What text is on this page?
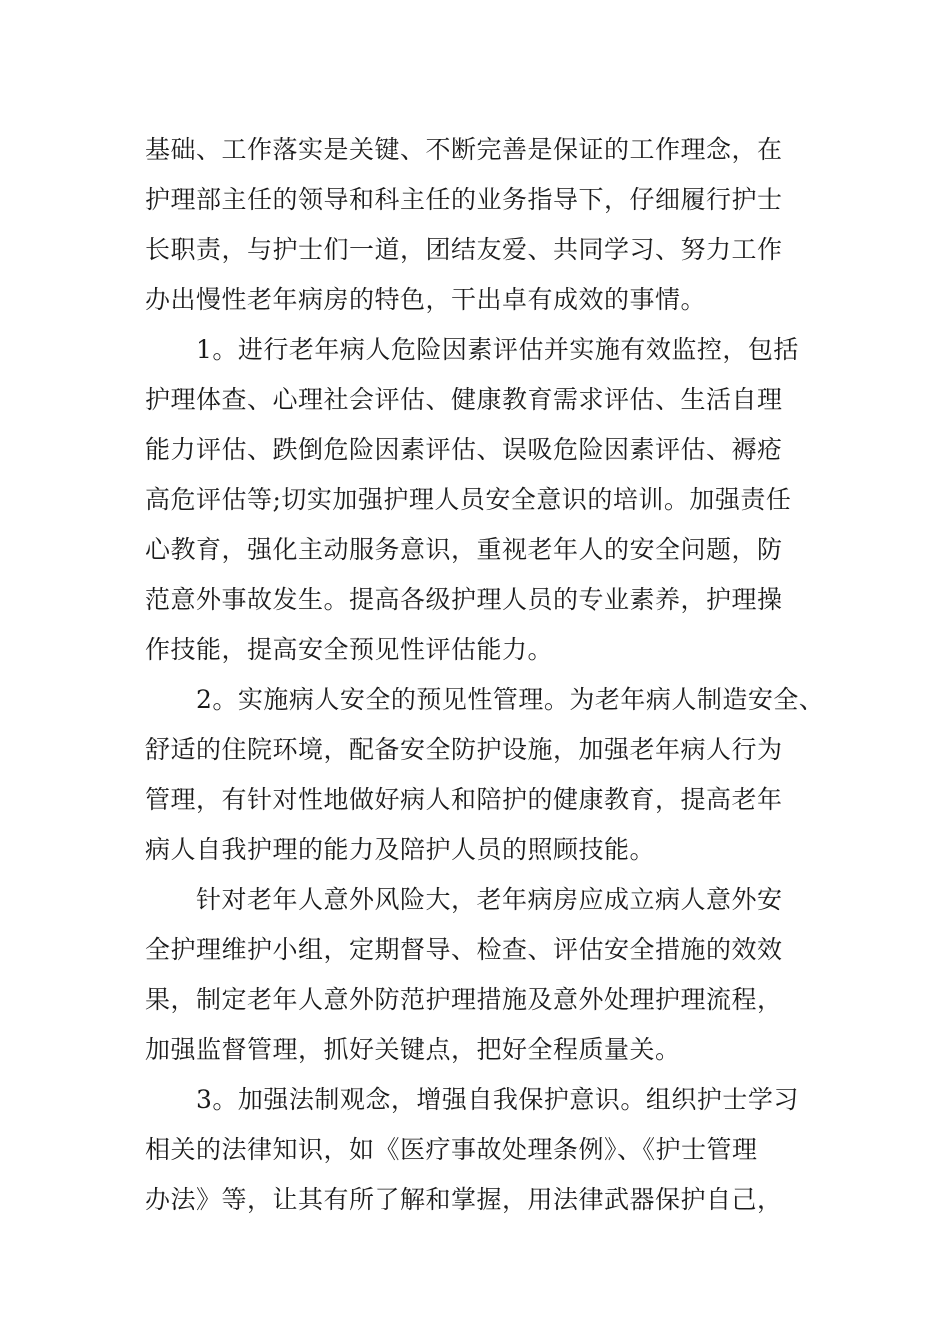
基础、工作落实是关键、不断完善是保证的工作理念，在
护理部主任的领导和科主任的业务指导下，仔细履行护士
长职责，与护士们一道，团结友爱、共同学习、努力工作
办出慢性老年病房的特色，干出卓有成效的事情。
　　1。进行老年病人危险因素评估并实施有效监控，包括
护理体查、心理社会评估、健康教育需求评估、生活自理
能力评估、跌倒危险因素评估、误吸危险因素评估、褥疮
高危评估等;切实加强护理人员安全意识的培训。加强责任
心教育，强化主动服务意识，重视老年人的安全问题，防
范意外事故发生。提高各级护理人员的专业素养，护理操
作技能，提高安全预见性评估能力。
　　2。实施病人安全的预见性管理。为老年病人制造安全、
舒适的住院环境，配备安全防护设施，加强老年病人行为
管理，有针对性地做好病人和陪护的健康教育，提高老年
病人自我护理的能力及陪护人员的照顾技能。
　　针对老年人意外风险大，老年病房应成立病人意外安
全护理维护小组，定期督导、检查、评估安全措施的效效
果，制定老年人意外防范护理措施及意外处理护理流程，
加强监督管理，抓好关键点，把好全程质量关。
　　3。加强法制观念，增强自我保护意识。组织护士学习
相关的法律知识，如《医疗事故处理条例》、《护士管理
办法》等，让其有所了解和掌握，用法律武器保护自己，
